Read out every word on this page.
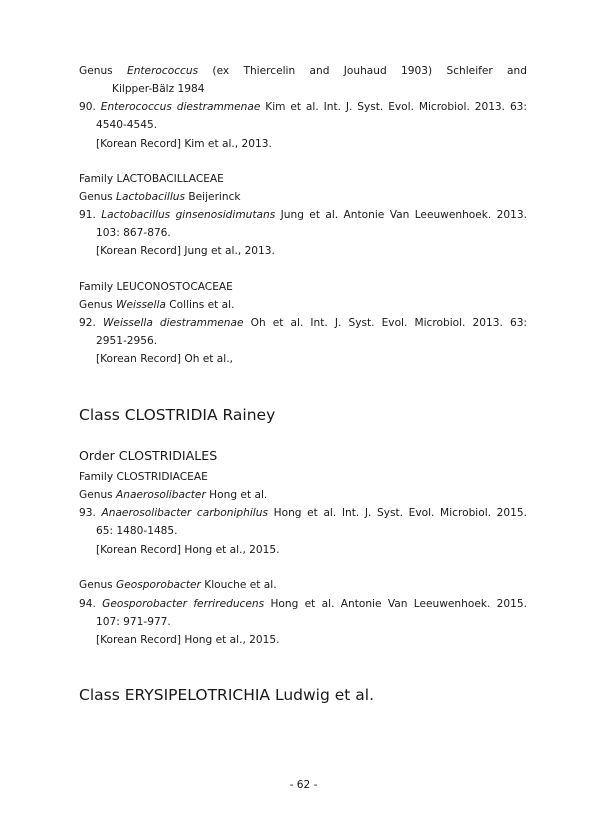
Genus Enterococcus (ex Thiercelin and Jouhaud 1903) Schleifer and
Kilpper-Bälz 1984
90. Enterococcus diestrammenae Kim et al. Int. J. Syst. Evol. Microbiol. 2013. 63:
4540-4545.
[Korean Record] Kim et al., 2013.
Family LACTOBACILLACEAE
Genus Lactobacillus Beijerinck
91. Lactobacillus ginsenosidimutans Jung et al. Antonie Van Leeuwenhoek. 2013.
103: 867-876.
[Korean Record] Jung et al., 2013.
Family LEUCONOSTOCACEAE
Genus Weissella Collins et al.
92. Weissella diestrammenae Oh et al. Int. J. Syst. Evol. Microbiol. 2013. 63:
2951-2956.
[Korean Record] Oh et al.,
Class CLOSTRIDIA Rainey
Order CLOSTRIDIALES
Family CLOSTRIDIACEAE
Genus Anaerosolibacter Hong et al.
93. Anaerosolibacter carboniphilus Hong et al. Int. J. Syst. Evol. Microbiol. 2015.
65: 1480-1485.
[Korean Record] Hong et al., 2015.
Genus Geosporobacter Klouche et al.
94. Geosporobacter ferrireducens Hong et al. Antonie Van Leeuwenhoek. 2015.
107: 971-977.
[Korean Record] Hong et al., 2015.
Class ERYSIPELOTRICHIA Ludwig et al.
- 62 -
